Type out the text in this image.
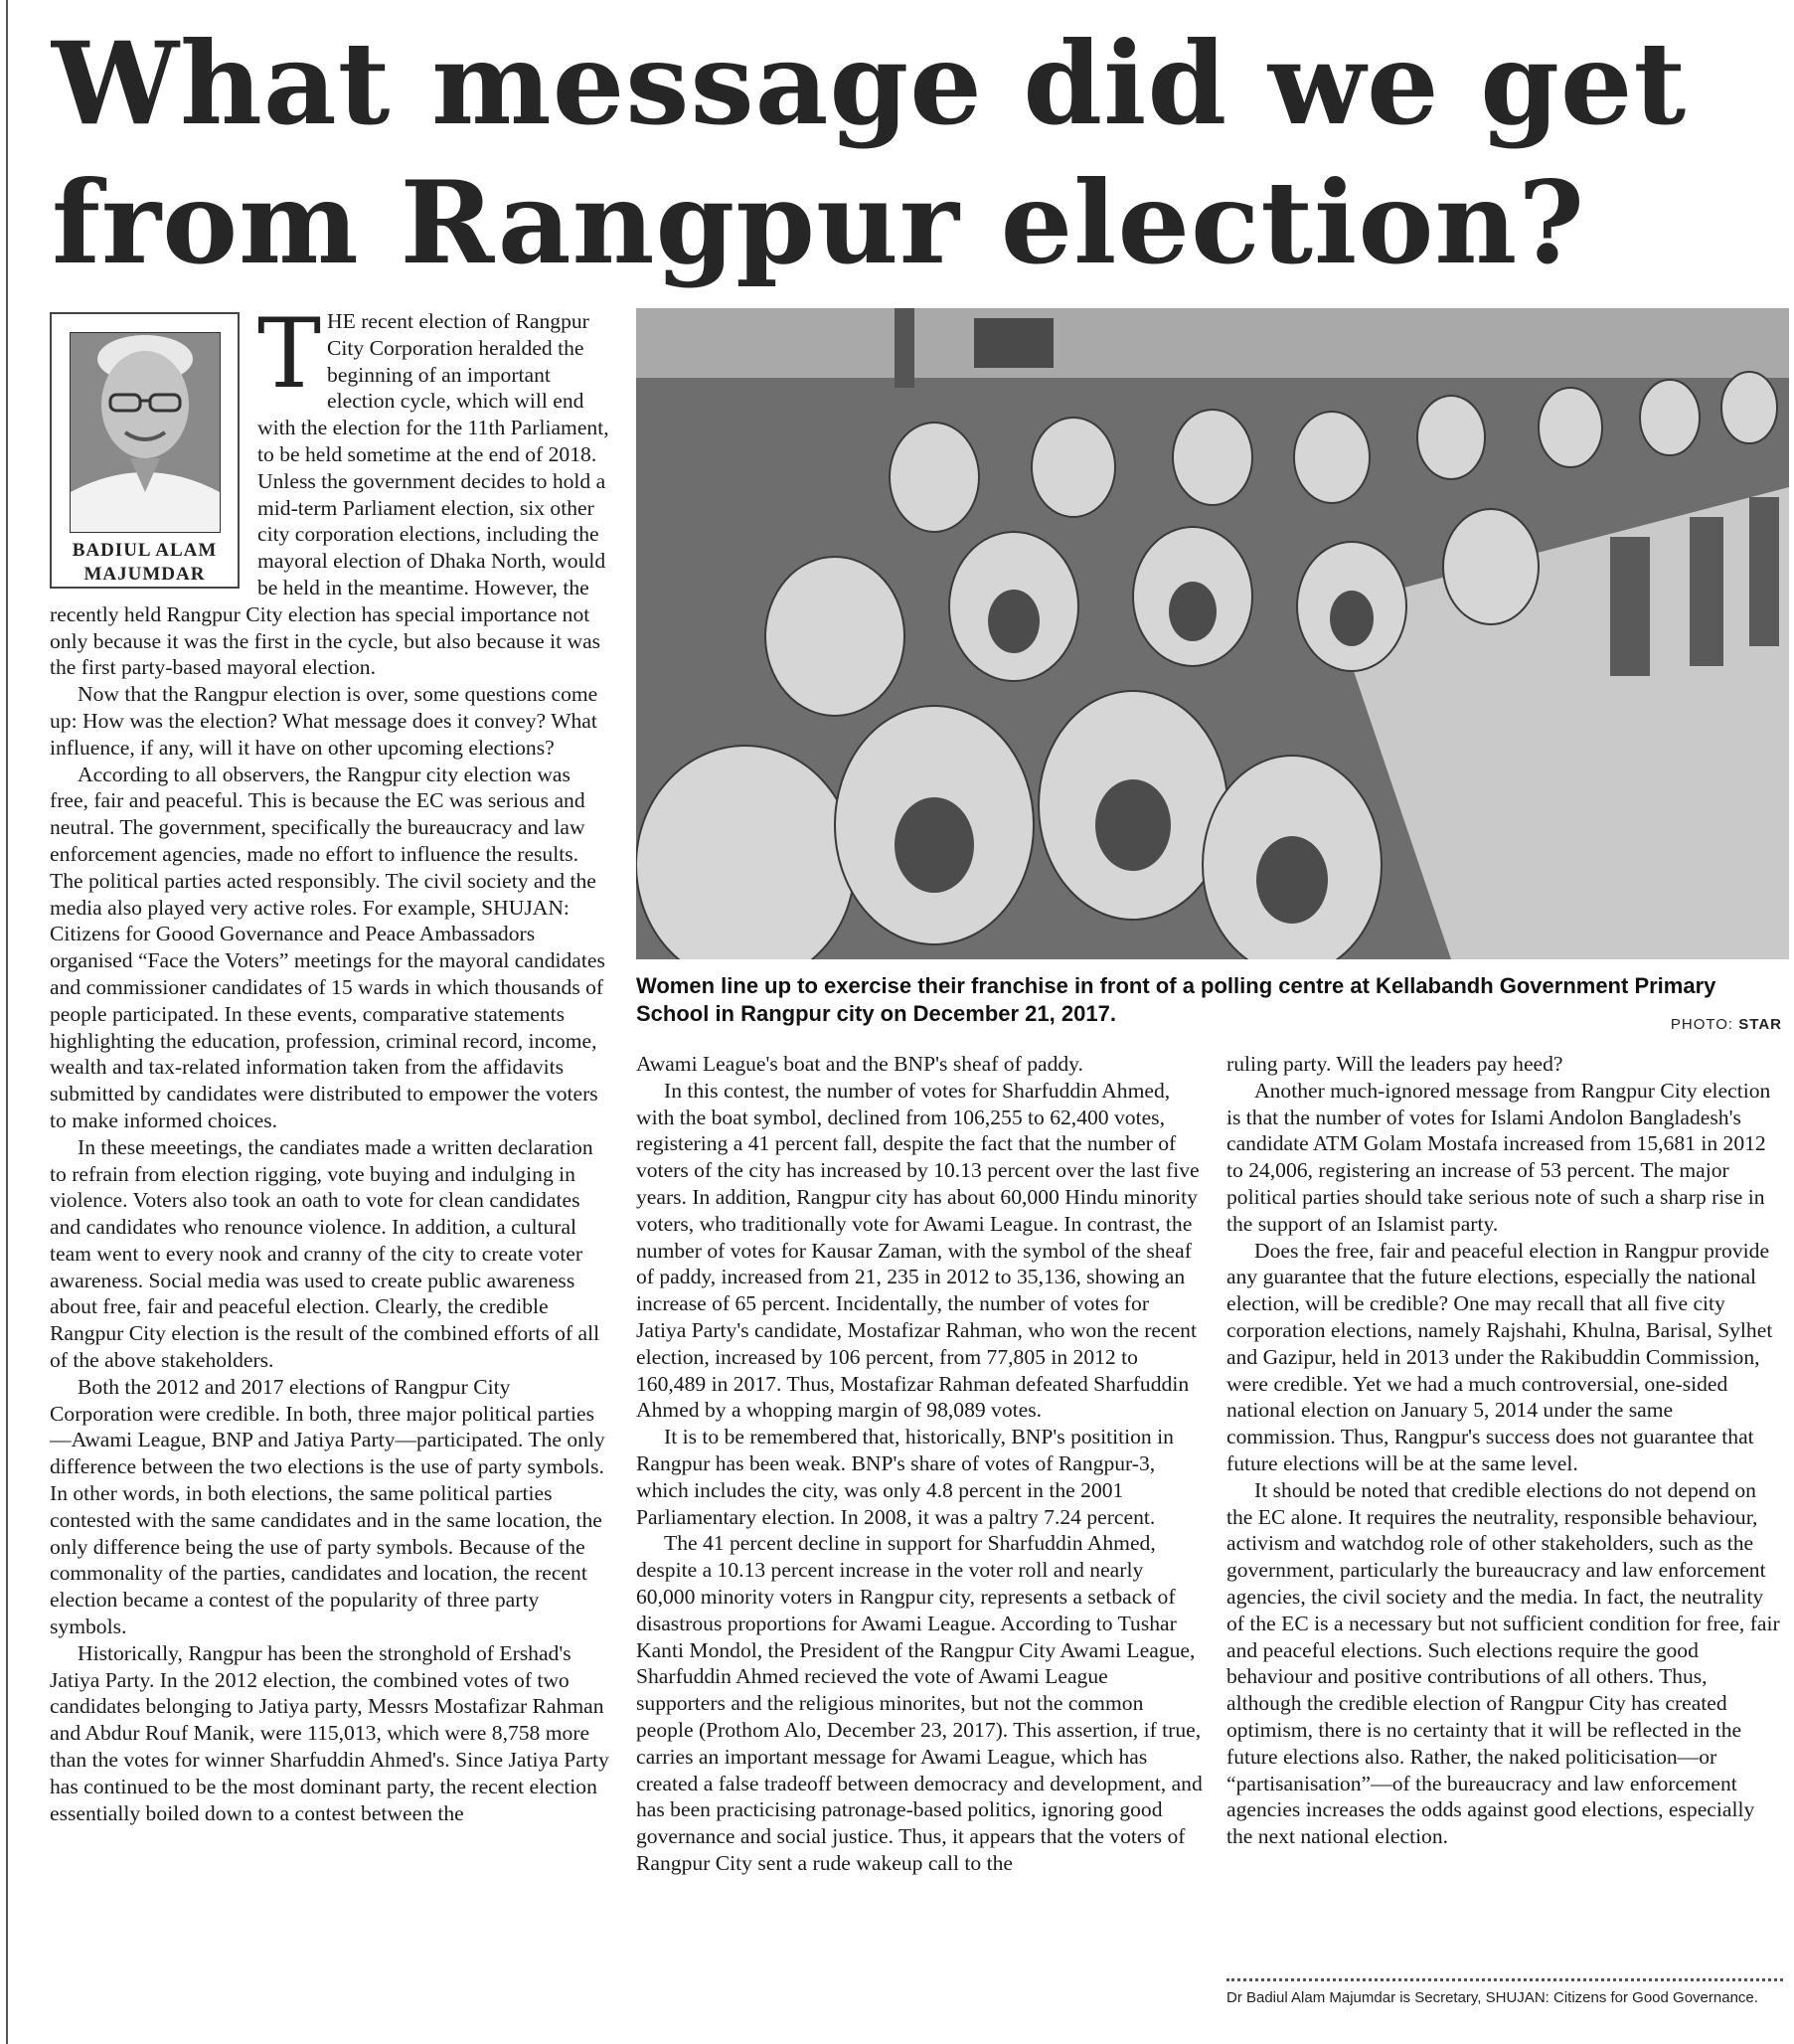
What message did we get from Rangpur election?
BADIUL ALAM
MAJUMDAR

THE recent election of Rangpur City Corporation heralded the beginning of an important election cycle, which will end with the election for the 11th Parliament, to be held sometime at the end of 2018. Unless the government decides to hold a mid-term Parliament election, six other city corporation elections, including the mayoral election of Dhaka North, would be held in the meantime. However, the recently held Rangpur City election has special importance not only because it was the first in the cycle, but also because it was the first party-based mayoral election.

Now that the Rangpur election is over, some questions come up: How was the election? What message does it convey? What influence, if any, will it have on other upcoming elections?

According to all observers, the Rangpur city election was free, fair and peaceful. This is because the EC was serious and neutral. The government, specifically the bureaucracy and law enforcement agencies, made no effort to influence the results. The political parties acted responsibly. The civil society and the media also played very active roles. For example, SHUJAN: Citizens for Goood Governance and Peace Ambassadors organised “Face the Voters” meetings for the mayoral candidates and commissioner candidates of 15 wards in which thousands of people participated. In these events, comparative statements highlighting the education, profession, criminal record, income, wealth and tax-related information taken from the affidavits submitted by candidates were distributed to empower the voters to make informed choices.

In these meeetings, the candiates made a written declaration to refrain from election rigging, vote buying and indulging in violence. Voters also took an oath to vote for clean candidates and candidates who renounce violence. In addition, a cultural team went to every nook and cranny of the city to create voter awareness. Social media was used to create public awareness about free, fair and peaceful election. Clearly, the credible Rangpur City election is the result of the combined efforts of all of the above stakeholders.

Both the 2012 and 2017 elections of Rangpur City Corporation were credible. In both, three major political parties—Awami League, BNP and Jatiya Party—participated. The only difference between the two elections is the use of party symbols. In other words, in both elections, the same political parties contested with the same candidates and in the same location, the only difference being the use of party symbols. Because of the commonality of the parties, candidates and location, the recent election became a contest of the popularity of three party symbols.

Historically, Rangpur has been the stronghold of Ershad's Jatiya Party. In the 2012 election, the combined votes of two candidates belonging to Jatiya party, Messrs Mostafizar Rahman and Abdur Rouf Manik, were 115,013, which were 8,758 more than the votes for winner Sharfuddin Ahmed's. Since Jatiya Party has continued to be the most dominant party, the recent election essentially boiled down to a contest between the

Women line up to exercise their franchise in front of a polling centre at Kellabandh Government Primary School in Rangpur city on December 21, 2017.	PHOTO: STAR

Awami League's boat and the BNP's sheaf of paddy.

In this contest, the number of votes for Sharfuddin Ahmed, with the boat symbol, declined from 106,255 to 62,400 votes, registering a 41 percent fall, despite the fact that the number of voters of the city has increased by 10.13 percent over the last five years. In addition, Rangpur city has about 60,000 Hindu minority voters, who traditionally vote for Awami League. In contrast, the number of votes for Kausar Zaman, with the symbol of the sheaf of paddy, increased from 21, 235 in 2012 to 35,136, showing an increase of 65 percent. Incidentally, the number of votes for Jatiya Party's candidate, Mostafizar Rahman, who won the recent election, increased by 106 percent, from 77,805 in 2012 to 160,489 in 2017. Thus, Mostafizar Rahman defeated Sharfuddin Ahmed by a whopping margin of 98,089 votes.

It is to be remembered that, historically, BNP's positition in Rangpur has been weak. BNP's share of votes of Rangpur-3, which includes the city, was only 4.8 percent in the 2001 Parliamentary election. In 2008, it was a paltry 7.24 percent.

The 41 percent decline in support for Sharfuddin Ahmed, despite a 10.13 percent increase in the voter roll and nearly 60,000 minority voters in Rangpur city, represents a setback of disastrous proportions for Awami League. According to Tushar Kanti Mondol, the President of the Rangpur City Awami League, Sharfuddin Ahmed recieved the vote of Awami League supporters and the religious minorites, but not the common people (Prothom Alo, December 23, 2017). This assertion, if true, carries an important message for Awami League, which has created a false tradeoff between democracy and development, and has been practicising patronage-based politics, ignoring good governance and social justice. Thus, it appears that the voters of Rangpur City sent a rude wakeup call to the

ruling party. Will the leaders pay heed?

Another much-ignored message from Rangpur City election is that the number of votes for Islami Andolon Bangladesh's candidate ATM Golam Mostafa increased from 15,681 in 2012 to 24,006, registering an increase of 53 percent. The major political parties should take serious note of such a sharp rise in the support of an Islamist party.

Does the free, fair and peaceful election in Rangpur provide any guarantee that the future elections, especially the national election, will be credible? One may recall that all five city corporation elections, namely Rajshahi, Khulna, Barisal, Sylhet and Gazipur, held in 2013 under the Rakibuddin Commission, were credible. Yet we had a much controversial, one-sided national election on January 5, 2014 under the same commission. Thus, Rangpur's success does not guarantee that future elections will be at the same level.

It should be noted that credible elections do not depend on the EC alone. It requires the neutrality, responsible behaviour, activism and watchdog role of other stakeholders, such as the government, particularly the bureaucracy and law enforcement agencies, the civil society and the media. In fact, the neutrality of the EC is a necessary but not sufficient condition for free, fair and peaceful elections. Such elections require the good behaviour and positive contributions of all others. Thus, although the credible election of Rangpur City has created optimism, there is no certainty that it will be reflected in the future elections also. Rather, the naked politicisation—or “partisanisation”—of the bureaucracy and law enforcement agencies increases the odds against good elections, especially the next national election.

Dr Badiul Alam Majumdar is Secretary, SHUJAN: Citizens for Good Governance.
